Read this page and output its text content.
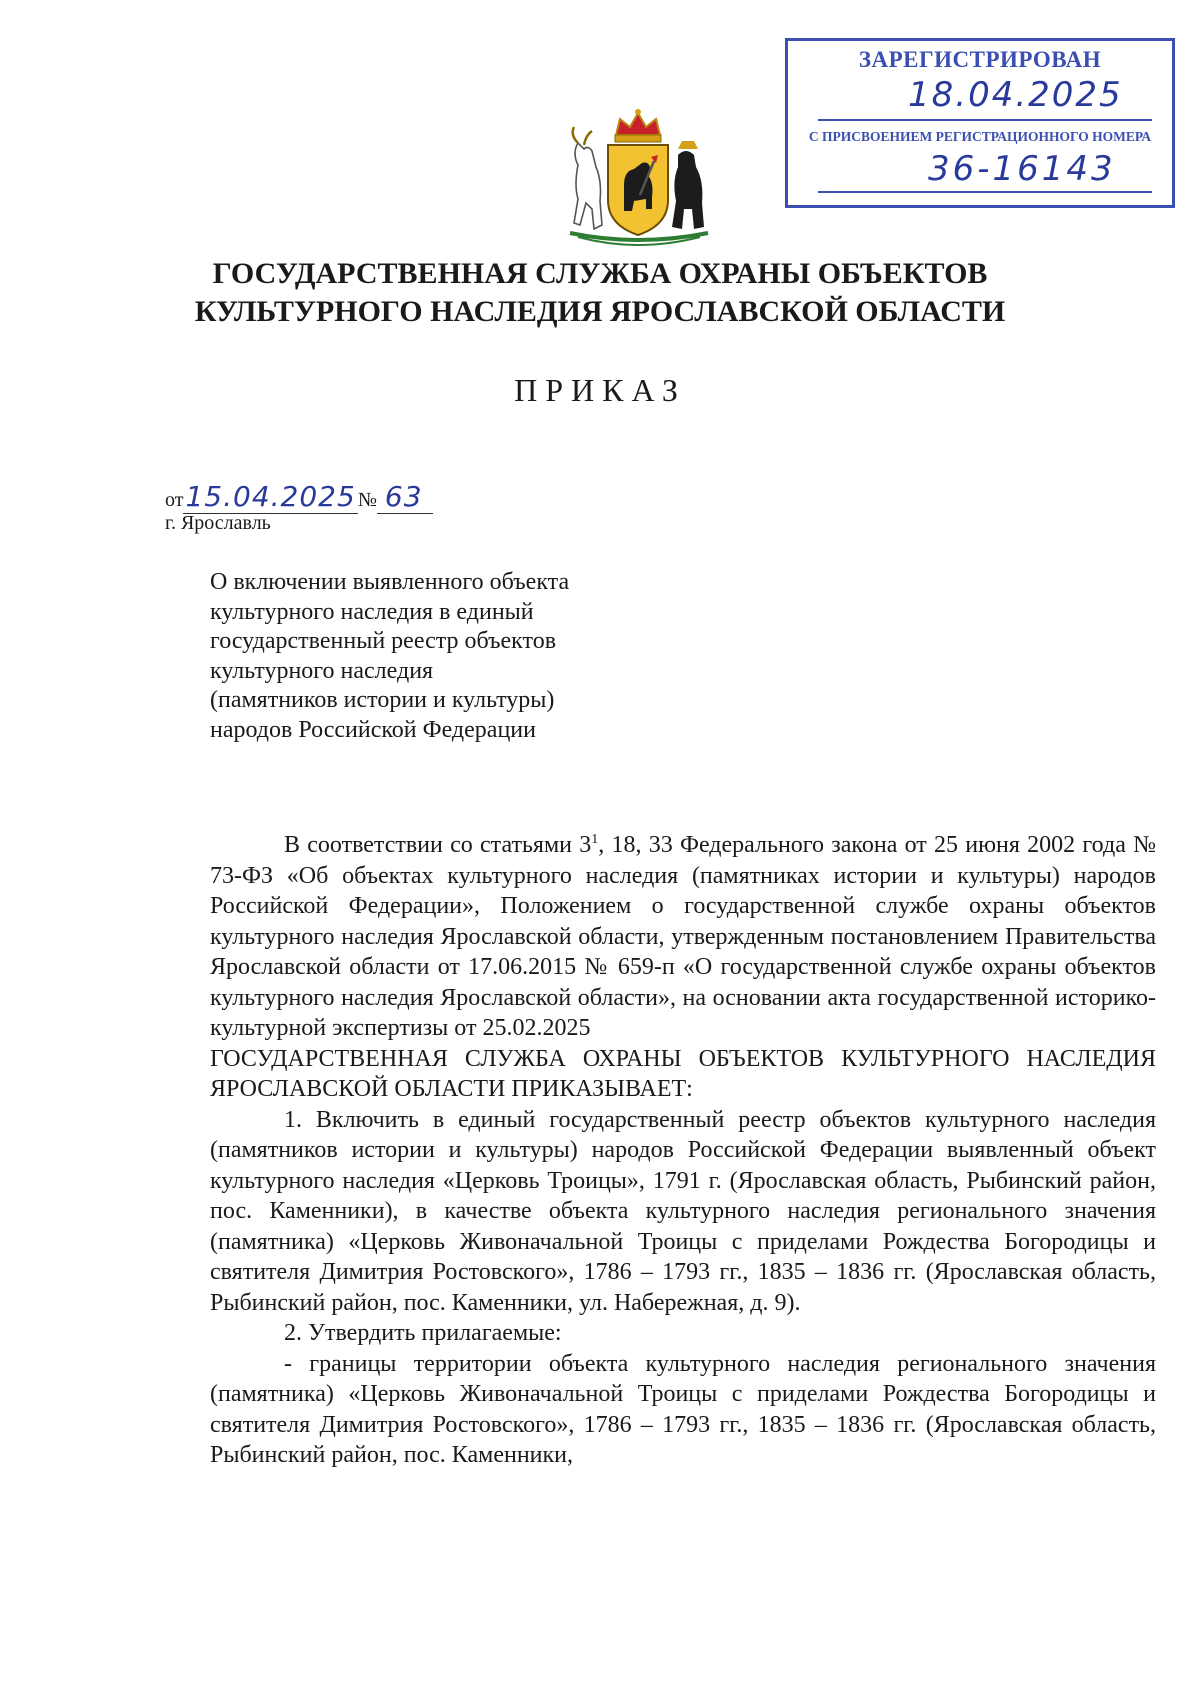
ЗАРЕГИСТРИРОВАН
18.04.2025
С ПРИСВОЕНИЕМ РЕГИСТРАЦИОННОГО НОМЕРА
36-16143
ГОСУДАРСТВЕННАЯ СЛУЖБА ОХРАНЫ ОБЪЕКТОВ
КУЛЬТУРНОГО НАСЛЕДИЯ ЯРОСЛАВСКОЙ ОБЛАСТИ
ПРИКАЗ
от15.04.2025 № 63
г. Ярославль
О включении выявленного объекта
культурного наследия в единый
государственный реестр объектов
культурного наследия
(памятников истории и культуры)
народов Российской Федерации
В соответствии со статьями $3^1$, 18, 33 Федерального закона от 25 июня 2002 года № 73-ФЗ «Об объектах культурного наследия (памятниках истории и культуры) народов Российской Федерации», Положением о государственной службе охраны объектов культурного наследия Ярославской области, утвержденным постановлением Правительства Ярославской области от 17.06.2015 № 659-п «О государственной службе охраны объектов культурного наследия Ярославской области», на основании акта государственной историко-культурной экспертизы от 25.02.2025
ГОСУДАРСТВЕННАЯ СЛУЖБА ОХРАНЫ ОБЪЕКТОВ КУЛЬТУРНОГО НАСЛЕДИЯ ЯРОСЛАВСКОЙ ОБЛАСТИ ПРИКАЗЫВАЕТ:
1. Включить в единый государственный реестр объектов культурного наследия (памятников истории и культуры) народов Российской Федерации выявленный объект культурного наследия «Церковь Троицы», 1791 г. (Ярославская область, Рыбинский район, пос. Каменники), в качестве объекта культурного наследия регионального значения (памятника) «Церковь Живоначальной Троицы с приделами Рождества Богородицы и святителя Димитрия Ростовского», 1786 – 1793 гг., 1835 – 1836 гг. (Ярославская область, Рыбинский район, пос. Каменники, ул. Набережная, д. 9).
2. Утвердить прилагаемые:
- границы территории объекта культурного наследия регионального значения (памятника) «Церковь Живоначальной Троицы с приделами Рождества Богородицы и святителя Димитрия Ростовского», 1786 – 1793 гг., 1835 – 1836 гг. (Ярославская область, Рыбинский район, пос. Каменники,
